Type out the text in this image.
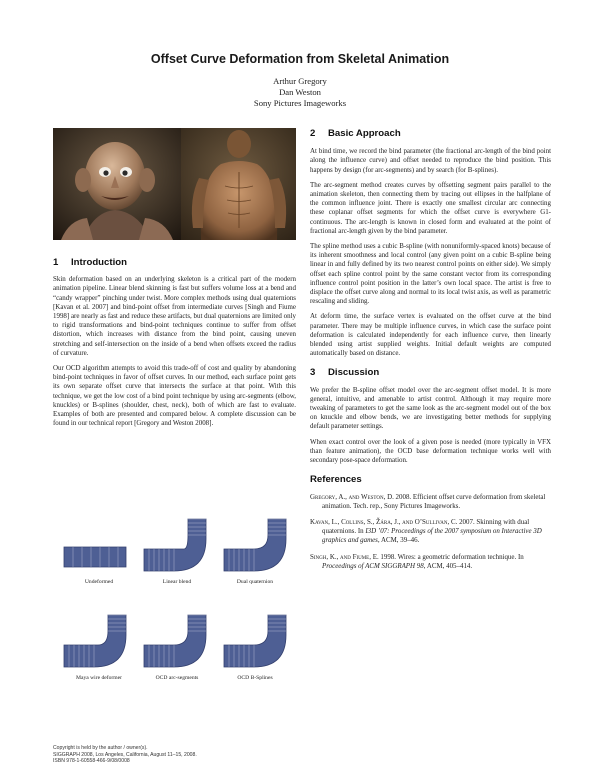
Offset Curve Deformation from Skeletal Animation
Arthur Gregory
Dan Weston
Sony Pictures Imageworks
1 Introduction

Skin deformation based on an underlying skeleton is a critical part of the modern animation pipeline. Linear blend skinning is fast but suffers volume loss at a bend and “candy wrapper” pinching under twist. More complex methods using dual quaternions [Kavan et al. 2007] and bind-point offset from intermediate curves [Singh and Fiume 1998] are nearly as fast and reduce these artifacts, but dual quaternions are limited only to rigid transformations and bind-point techniques continue to suffer from offset distortion, which increases with distance from the bind point, causing uneven stretching and self-intersection on the inside of a bend when offsets exceed the radius of curvature.

Our OCD algorithm attempts to avoid this trade-off of cost and quality by abandoning bind-point techniques in favor of offset curves. In our method, each surface point gets its own separate offset curve that intersects the surface at that point. With this technique, we get the low cost of a bind point technique by using arc-segments (elbow, knuckles) or B-splines (shoulder, chest, neck), both of which are fast to evaluate. Examples of both are presented and compared below. A complete discussion can be found in our technical report [Gregory and Weston 2008].

Undeformed	Linear blend	Dual quaternion
Maya wire deformer	OCD arc-segments	OCD B-Splines
2 Basic Approach

At bind time, we record the bind parameter (the fractional arc-length of the bind point along the influence curve) and offset needed to reproduce the bind position. This happens by design (for arc-segments) and by search (for B-splines).

The arc-segment method creates curves by offsetting segment pairs parallel to the animation skeleton, then connecting them by tracing out ellipses in the halfplane of the common influence joint. There is exactly one smallest circular arc connecting these coplanar offset segments for which the offset curve is everywhere G1-continuous. The arc-length is known in closed form and evaluated at the point of fractional arc-length given by the bind parameter.

The spline method uses a cubic B-spline (with nonuniformly-spaced knots) because of its inherent smoothness and local control (any given point on a cubic B-spline being linear in and fully defined by its two nearest control points on either side). We simply offset each spline control point by the same constant vector from its corresponding influence control point position in the latter’s own local space. The artist is free to displace the offset curve along and normal to its local twist axis, as well as parametric rescaling and sliding.

At deform time, the surface vertex is evaluated on the offset curve at the bind parameter. There may be multiple influence curves, in which case the surface point deformation is calculated independently for each influence curve, then linearly blended using artist supplied weights. Initial default weights are computed automatically based on distance.

3 Discussion

We prefer the B-spline offset model over the arc-segment offset model. It is more general, intuitive, and amenable to artist control. Although it may require more tweaking of parameters to get the same look as the arc-segment model out of the box on knuckle and elbow bends, we are investigating better methods for supplying default parameter settings.

When exact control over the look of a given pose is needed (more typically in VFX than feature animation), the OCD base deformation technique works well with secondary pose-space deformation.

References
Gregory, A., and Weston, D. 2008. Efficient offset curve deformation from skeletal animation. Tech. rep., Sony Pictures Imageworks.
Kavan, L., Collins, S., Žára, J., and O’Sullivan, C. 2007. Skinning with dual quaternions. In I3D ’07: Proceedings of the 2007 symposium on Interactive 3D graphics and games, ACM, 39–46.
Singh, K., and Fiume, E. 1998. Wires: a geometric deformation technique. In Proceedings of ACM SIGGRAPH 98, ACM, 405–414.
Copyright is held by the author / owner(s).
SIGGRAPH 2008, Los Angeles, California, August 11–15, 2008.
ISBN 978-1-60558-466-9/08/0008
